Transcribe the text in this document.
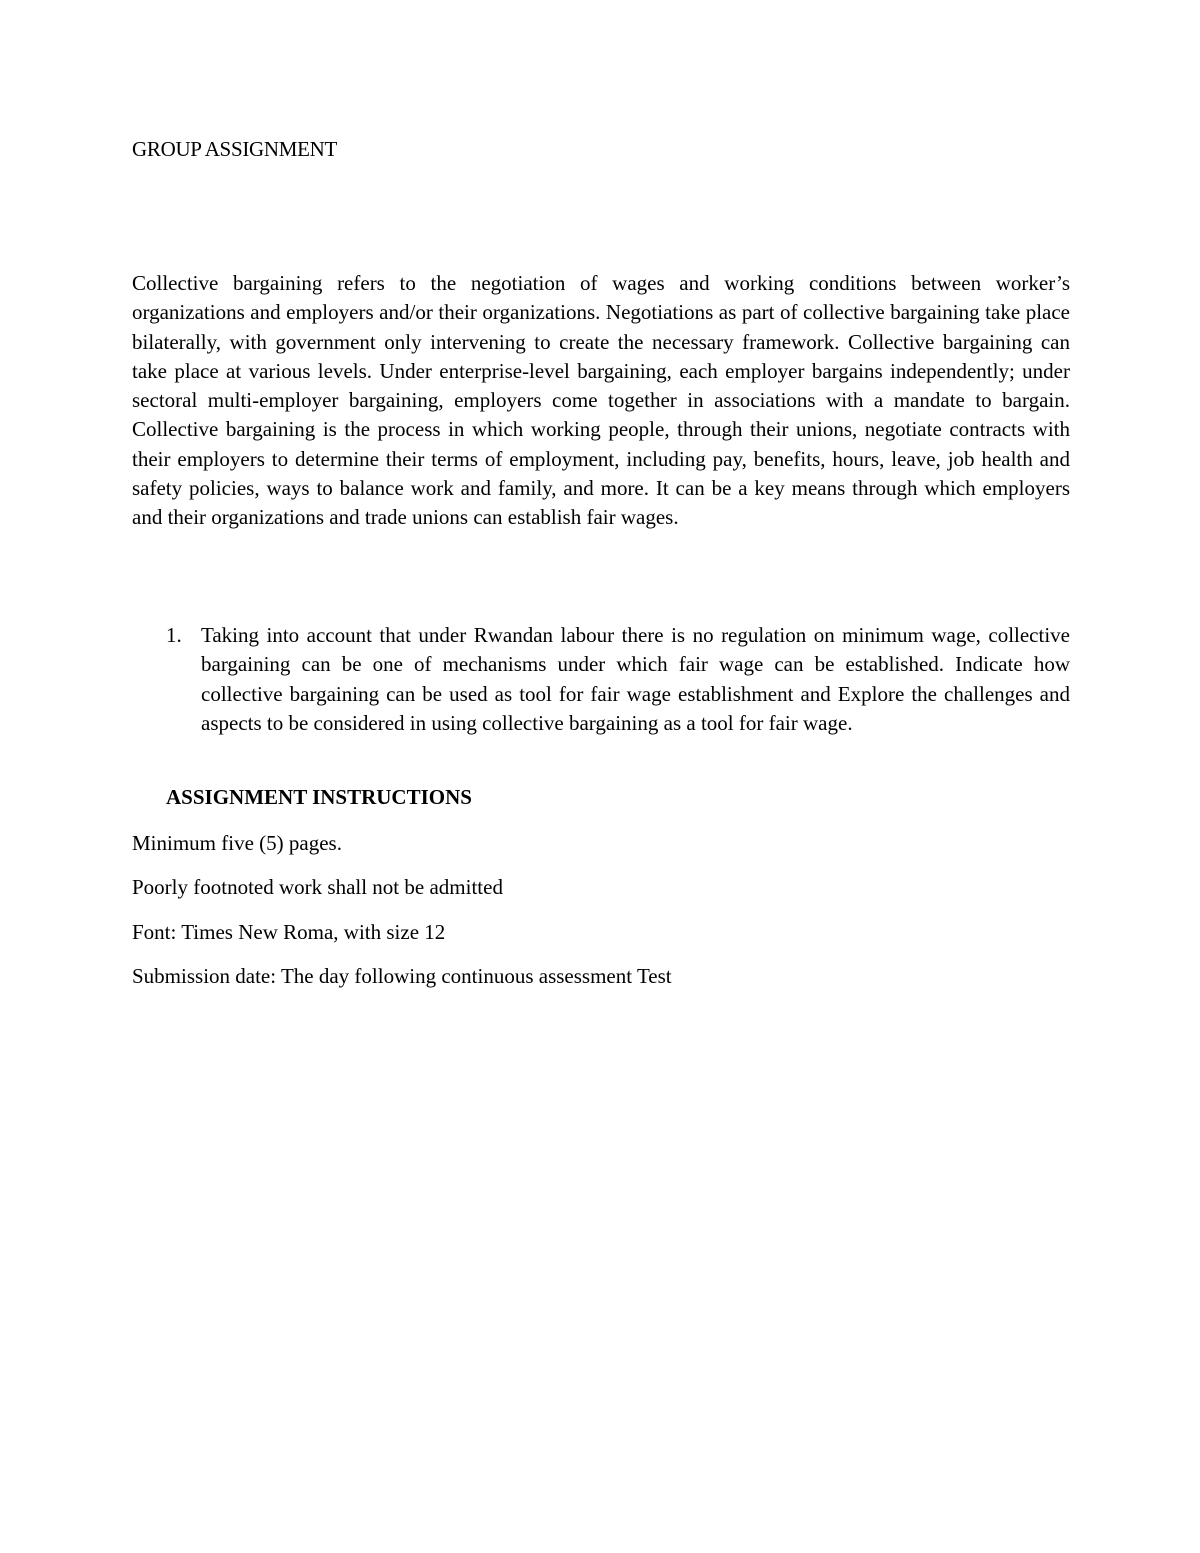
GROUP ASSIGNMENT

Collective bargaining refers to the negotiation of wages and working conditions between worker’s organizations and employers and/or their organizations. Negotiations as part of collective bargaining take place bilaterally, with government only intervening to create the necessary framework. Collective bargaining can take place at various levels. Under enterprise-level bargaining, each employer bargains independently; under sectoral multi-employer bargaining, employers come together in associations with a mandate to bargain. Collective bargaining is the process in which working people, through their unions, negotiate contracts with their employers to determine their terms of employment, including pay, benefits, hours, leave, job health and safety policies, ways to balance work and family, and more. It can be a key means through which employers and their organizations and trade unions can establish fair wages.

1. Taking into account that under Rwandan labour there is no regulation on minimum wage, collective bargaining can be one of mechanisms under which fair wage can be established. Indicate how collective bargaining can be used as tool for fair wage establishment and Explore the challenges and aspects to be considered in using collective bargaining as a tool for fair wage.
ASSIGNMENT INSTRUCTIONS
Minimum five (5) pages.
Poorly footnoted work shall not be admitted
Font: Times New Roma, with size 12
Submission date: The day following continuous assessment Test
